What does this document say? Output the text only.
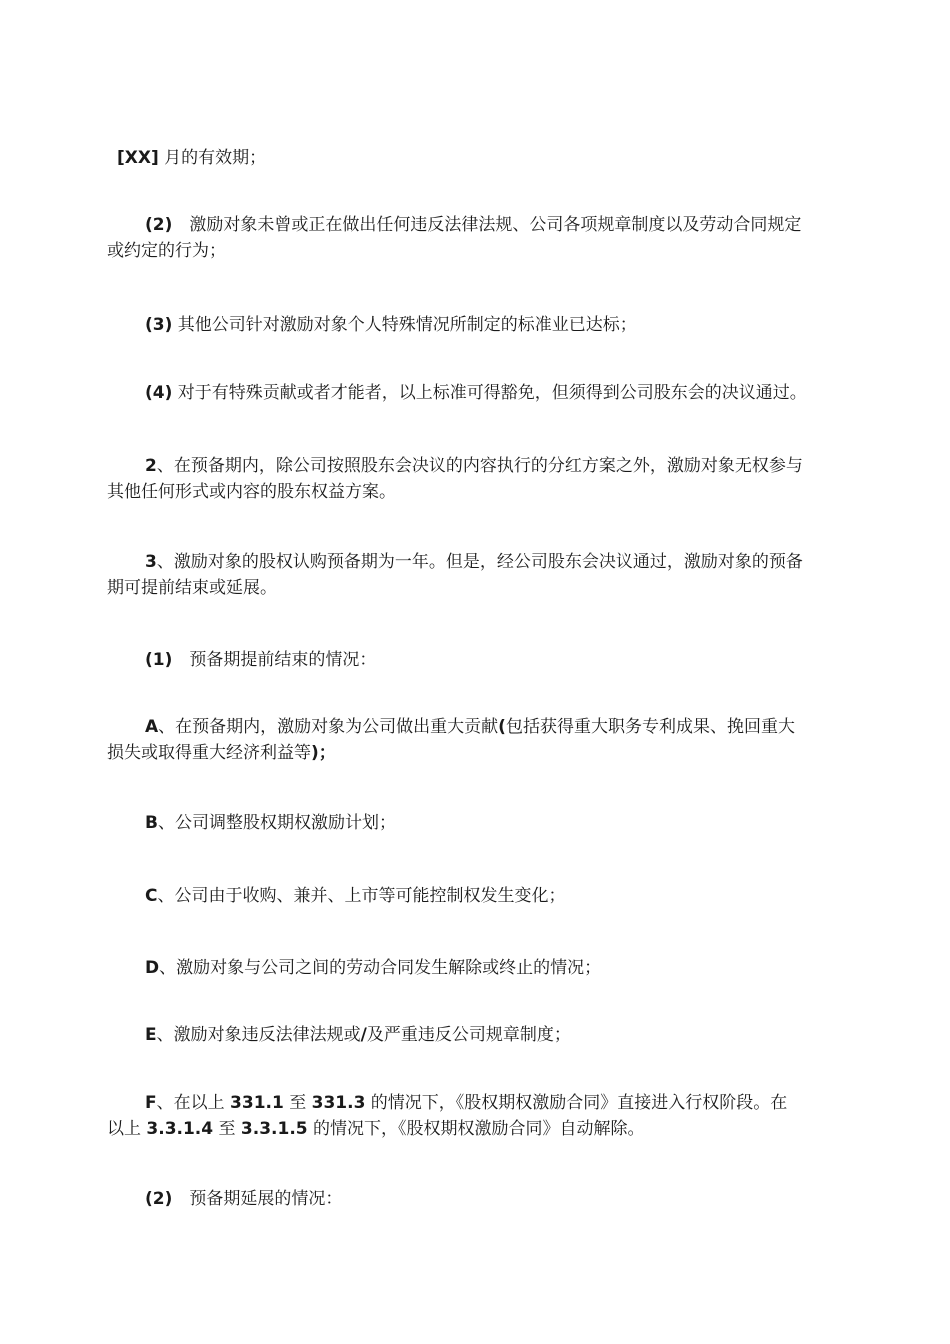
[XX] 月的有效期；

(2)　激励对象未曾或正在做出任何违反法律法规、公司各项规章制度以及劳动合同规定
或约定的行为；

(3) 其他公司针对激励对象个人特殊情况所制定的标准业已达标；

(4) 对于有特殊贡献或者才能者，以上标准可得豁免，但须得到公司股东会的决议通过。

2、在预备期内，除公司按照股东会决议的内容执行的分红方案之外，激励对象无权参与
其他任何形式或内容的股东权益方案。

3、激励对象的股权认购预备期为一年。但是，经公司股东会决议通过，激励对象的预备
期可提前结束或延展。

(1)　预备期提前结束的情况：

A、在预备期内，激励对象为公司做出重大贡献(包括获得重大职务专利成果、挽回重大
损失或取得重大经济利益等)；

B、公司调整股权期权激励计划；

C、公司由于收购、兼并、上市等可能控制权发生变化；

D、激励对象与公司之间的劳动合同发生解除或终止的情况；

E、激励对象违反法律法规或/及严重违反公司规章制度；

F、在以上 331.1 至 331.3 的情况下，《股权期权激励合同》直接进入行权阶段。在
以上 3.3.1.4 至 3.3.1.5 的情况下，《股权期权激励合同》自动解除。

(2)　预备期延展的情况：
